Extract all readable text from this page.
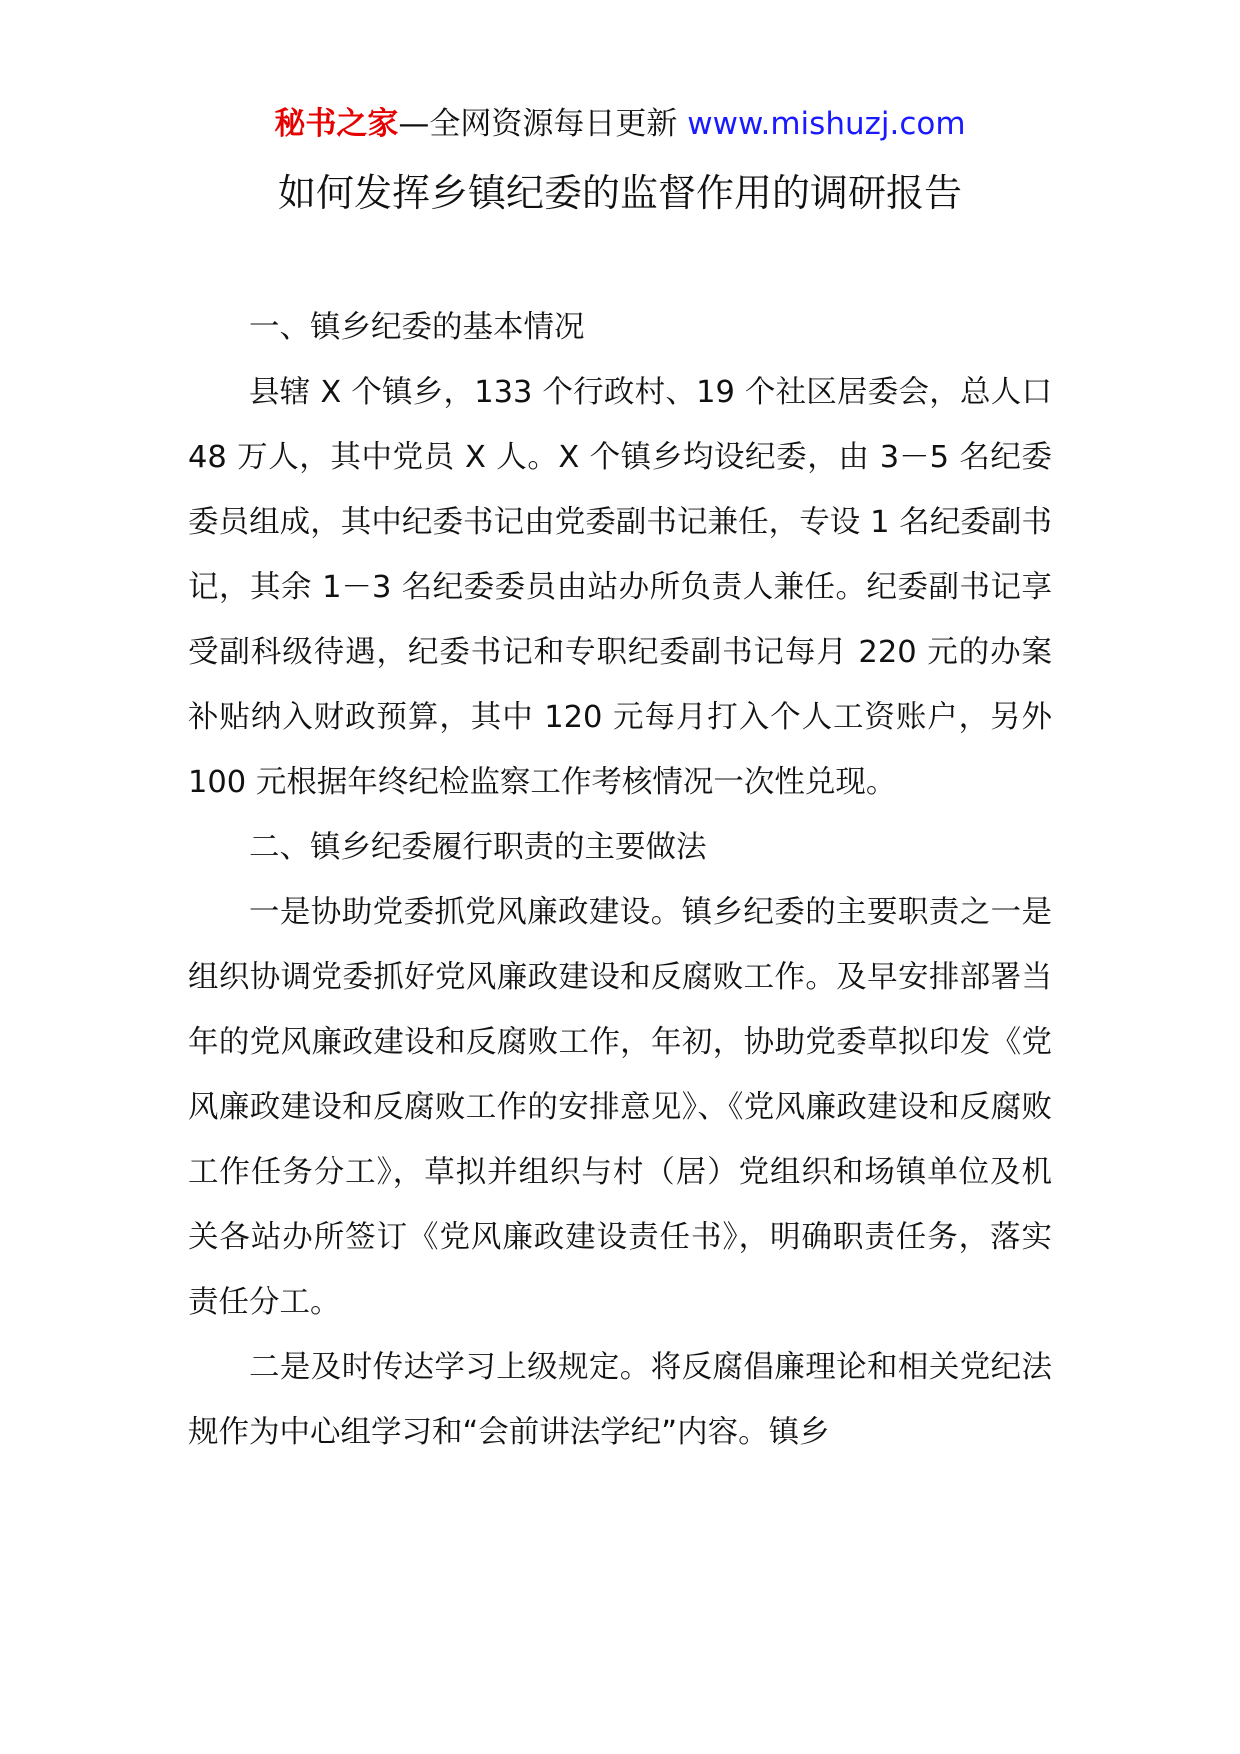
秘书之家—全网资源每日更新 www.mishuzj.com
如何发挥乡镇纪委的监督作用的调研报告

一、镇乡纪委的基本情况

县辖 X 个镇乡，133 个行政村、19 个社区居委会，总人口 48 万人，其中党员 X 人。X 个镇乡均设纪委，由 3－5 名纪委委员组成，其中纪委书记由党委副书记兼任，专设 1 名纪委副书记，其余 1－3 名纪委委员由站办所负责人兼任。纪委副书记享受副科级待遇，纪委书记和专职纪委副书记每月 220 元的办案补贴纳入财政预算，其中 120 元每月打入个人工资账户，另外 100 元根据年终纪检监察工作考核情况一次性兑现。

二、镇乡纪委履行职责的主要做法

一是协助党委抓党风廉政建设。镇乡纪委的主要职责之一是组织协调党委抓好党风廉政建设和反腐败工作。及早安排部署当年的党风廉政建设和反腐败工作，年初，协助党委草拟印发《党风廉政建设和反腐败工作的安排意见》、《党风廉政建设和反腐败工作任务分工》，草拟并组织与村（居）党组织和场镇单位及机关各站办所签订《党风廉政建设责任书》，明确职责任务，落实责任分工。

二是及时传达学习上级规定。将反腐倡廉理论和相关党纪法规作为中心组学习和“会前讲法学纪”内容。镇乡
